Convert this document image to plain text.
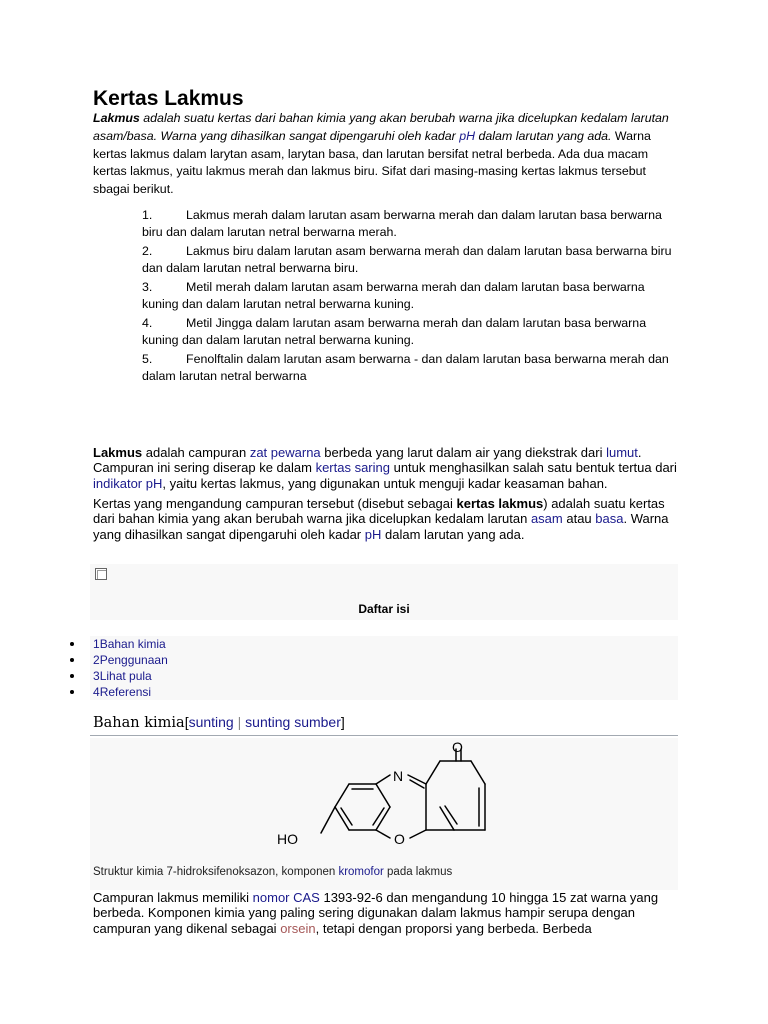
Kertas Lakmus

Lakmus adalah suatu kertas dari bahan kimia yang akan berubah warna jika dicelupkan kedalam larutan asam/basa. Warna yang dihasilkan sangat dipengaruhi oleh kadar pH dalam larutan yang ada. Warna kertas lakmus dalam larytan asam, larytan basa, dan larutan bersifat netral berbeda. Ada dua macam kertas lakmus, yaitu lakmus merah dan lakmus biru. Sifat dari masing-masing kertas lakmus tersebut sbagai berikut.

1.	Lakmus merah dalam larutan asam berwarna merah dan dalam larutan basa berwarna biru dan dalam larutan netral berwarna merah.
2.	Lakmus biru dalam larutan asam berwarna merah dan dalam larutan basa berwarna biru dan dalam larutan netral berwarna biru.
3.	Metil merah dalam larutan asam berwarna merah dan dalam larutan basa berwarna kuning dan dalam larutan netral berwarna kuning.
4.	Metil Jingga dalam larutan asam berwarna merah dan dalam larutan basa berwarna kuning dan dalam larutan netral berwarna kuning.
5.	Fenolftalin dalam larutan asam berwarna - dan dalam larutan basa berwarna merah dan dalam larutan netral berwarna

Lakmus adalah campuran zat pewarna berbeda yang larut dalam air yang diekstrak dari lumut. Campuran ini sering diserap ke dalam kertas saring untuk menghasilkan salah satu bentuk tertua dari indikator pH, yaitu kertas lakmus, yang digunakan untuk menguji kadar keasaman bahan.

Kertas yang mengandung campuran tersebut (disebut sebagai kertas lakmus) adalah suatu kertas dari bahan kimia yang akan berubah warna jika dicelupkan kedalam larutan asam atau basa. Warna yang dihasilkan sangat dipengaruhi oleh kadar pH dalam larutan yang ada.

Daftar isi
1Bahan kimia
2Penggunaan
3Lihat pula
4Referensi
Bahan kimia[sunting | sunting sumber]
O
N
O
HO
Struktur kimia 7-hidroksifenoksazon, komponen kromofor pada lakmus

Campuran lakmus memiliki nomor CAS 1393-92-6 dan mengandung 10 hingga 15 zat warna yang berbeda. Komponen kimia yang paling sering digunakan dalam lakmus hampir serupa dengan campuran yang dikenal sebagai orsein, tetapi dengan proporsi yang berbeda. Berbeda
